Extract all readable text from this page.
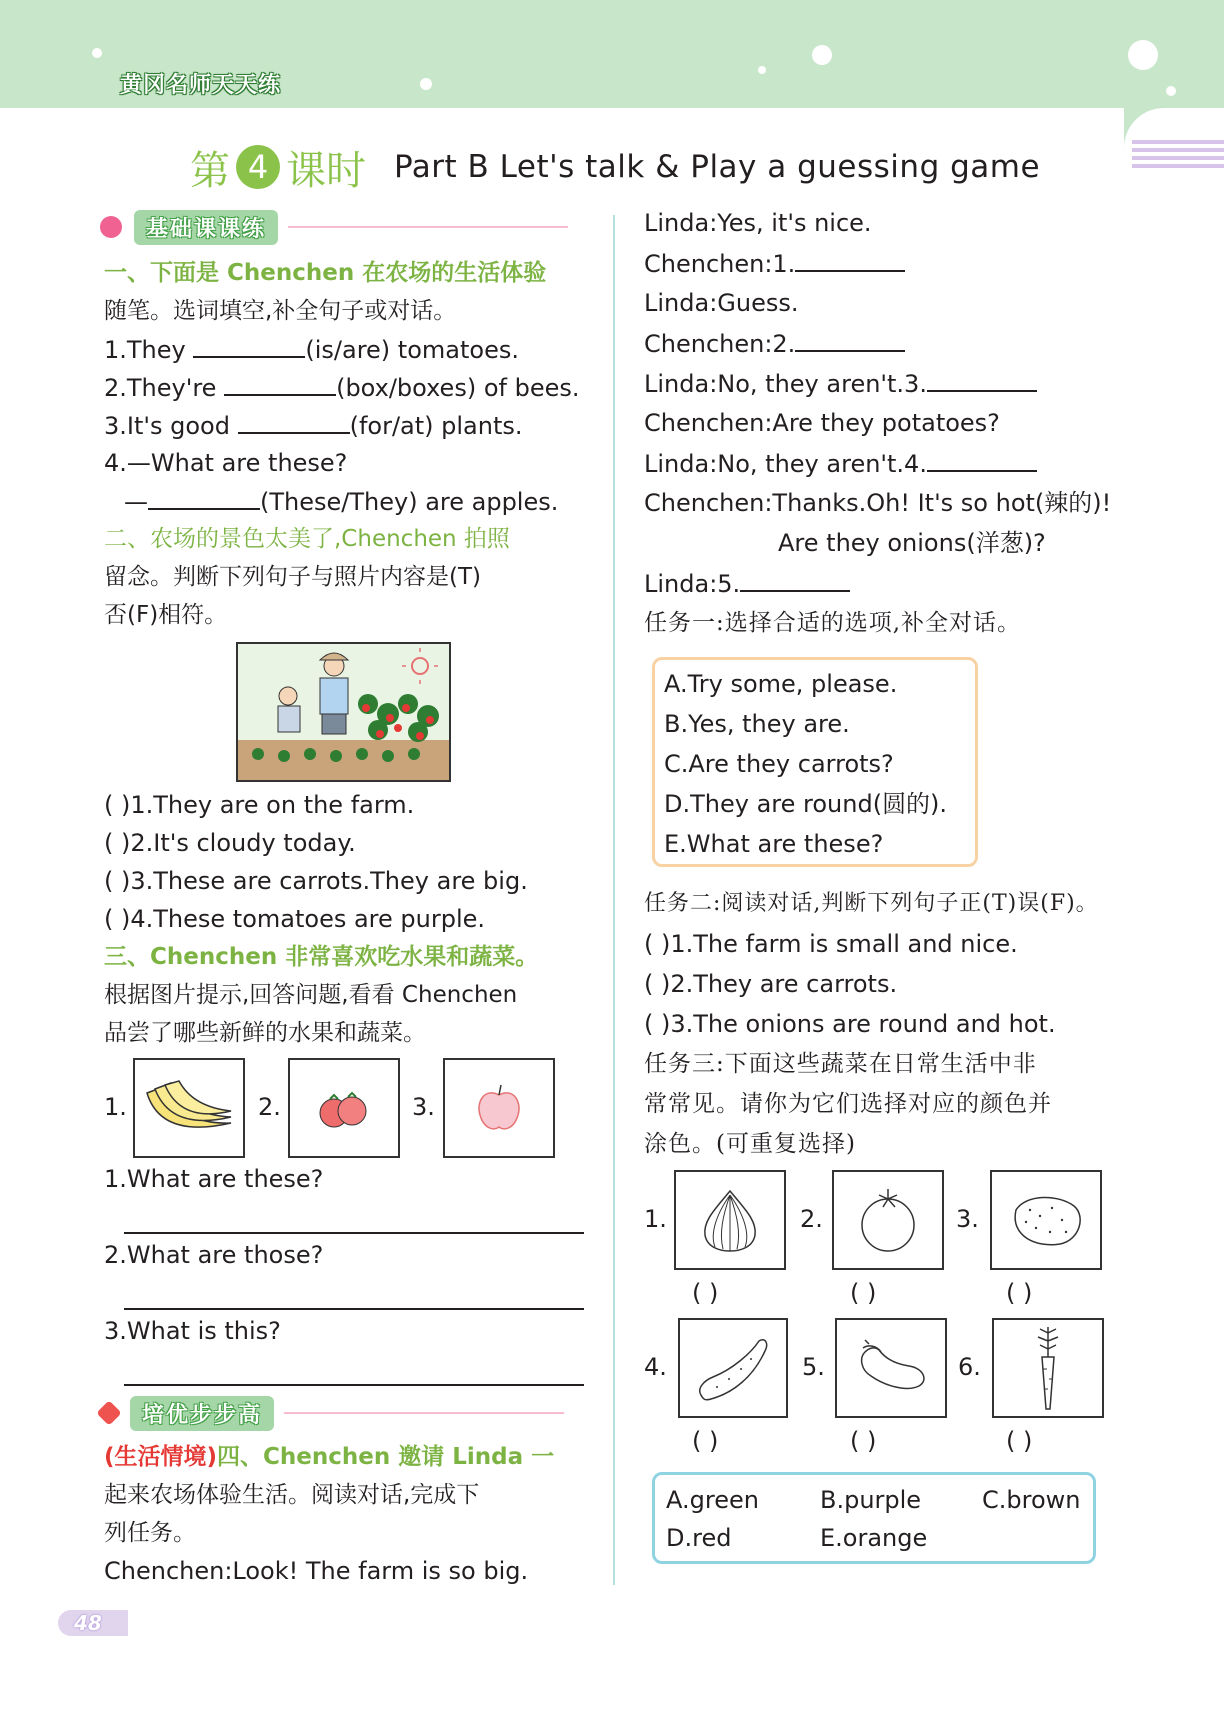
黄冈名师天天练
第 4 课时 Part B Let's talk & Play a guessing game
基础课课练
一、下面是 Chenchen 在农场的生活体验
随笔。选词填空,补全句子或对话。
1.They	(is/are) tomatoes.
2.They're	(box/boxes) of bees.
3.It's good	(for/at) plants.
4.—What are these?
—	(These/They) are apples.
二、农场的景色太美了,Chenchen 拍照
留念。判断下列句子与照片内容是(T)
否(F)相符。
( )1.They are on the farm.
( )2.It's cloudy today.
( )3.These are carrots.They are big.
( )4.These tomatoes are purple.
三、Chenchen 非常喜欢吃水果和蔬菜。
根据图片提示,回答问题,看看 Chenchen
品尝了哪些新鲜的水果和蔬菜。
1.	2.	3.
1.What are these?
2.What are those?
3.What is this?
培优步步高
(生活情境)四、Chenchen 邀请 Linda 一
起来农场体验生活。阅读对话,完成下
列任务。
Chenchen:Look! The farm is so big.
Linda:Yes, it's nice.
Chenchen:1.
Linda:Guess.
Chenchen:2.
Linda:No, they aren't.3.
Chenchen:Are they potatoes?
Linda:No, they aren't.4.
Chenchen:Thanks.Oh! It's so hot(辣的)!
Are they onions(洋葱)?
Linda:5.
任务一:选择合适的选项,补全对话。
A.Try some, please.
B.Yes, they are.
C.Are they carrots?
D.They are round(圆的).
E.What are these?
任务二:阅读对话,判断下列句子正(T)误(F)。
( )1.The farm is small and nice.
( )2.They are carrots.
( )3.The onions are round and hot.
任务三:下面这些蔬菜在日常生活中非
常常见。请你为它们选择对应的颜色并
涂色。(可重复选择)
1.	2.	3.
( )	( )	( )
4.	5.	6.
( )	( )	( )
A.green	B.purple	C.brown
D.red	E.orange
48
